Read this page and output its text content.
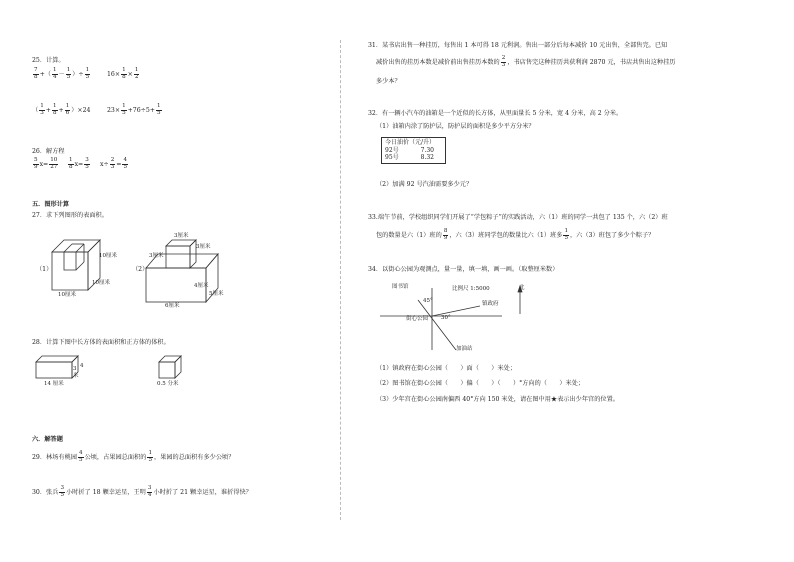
25．计算。
$\frac{7}{8}$ +（ $\frac{1}{4} - \frac{1}{5}$ ）÷ $\frac{1}{5}$	$16\times \frac{1}{8} \times \frac{1}{2}$
（ $\frac{1}{3} + \frac{1}{8} + \frac{1}{6} )\times 24$	$23\times \frac{1}{5} +76\div 5+ \frac{1}{5}$
26．解方程
$\frac{5}{9} x= \frac{10}{27} \frac{1}{8} x= \frac{3}{5} x\div \frac{2}{3} = \frac{4}{5}$
五．图形计算
27．求下列图形的表面积。
（1）
10厘米
10厘米
10厘米
（2）
3厘米
3厘米
3厘米
4厘米
5厘米
6厘米
28．计算下图中长方体的表面积和正方体的体积。
14 厘米
3 4
米
0.5 分米
六．解答题
29．林场有桃园 $\frac{4}{5}$ 公顷，占果园总面积的 $\frac{1}{5}$ ，果园的总面积有多少公顷？
30．张兵 $\frac{3}{5}$ 小时折了 18 颗幸运星，王明 $\frac{3}{4}$ 小时折了 21 颗幸运星，谁折得快？
31．某书店出售一种挂历，每售出 1 本可得 18 元利润。售出一部分后每本减价 10 元出售，全部售完。已知
减价出售的挂历本数是减价前出售挂历本数的 $\frac{2}{3}$ ，书店售完这种挂历共获利润 2870 元，书店共售出这种挂历
多少本？
32．有一辆小汽车的油箱是一个近似的长方体，从里面量长 5 分米，宽 4 分米，高 2 分米。
（1）油箱内涂了防护层，防护层的面积是多少平方分米？
今日油价（元/升）
92号	7.30
95号	8.32
（2）加满 92 号汽油需要多少元？
33.端午节前，学校组织同学们开展了“学包粽子”的实践活动，六（1）班的同学一共包了 135 个，六（2）班
包的数量是六（1）班的 $\frac{8}{9}$ ，六（3）班同学包的数量比六（1）班多 $\frac{1}{5}$ ，六（3）班包了多少个粽子？
34．以街心公园为观测点，量一量，填一填，画一画。（取整厘米数）
图书馆	比例尺 1:5000
镇政府
北
45°
30°
街心公园
加油站
（1）镇政府在街心公园（　　）面（　　）米处；
（2）图书馆在街心公园（　　）偏（　　）（　　）°方向的（　　）米处；
（3）少年宫在街心公园南偏西 40°方向 150 米处，请在图中用★表示出少年宫的位置。
